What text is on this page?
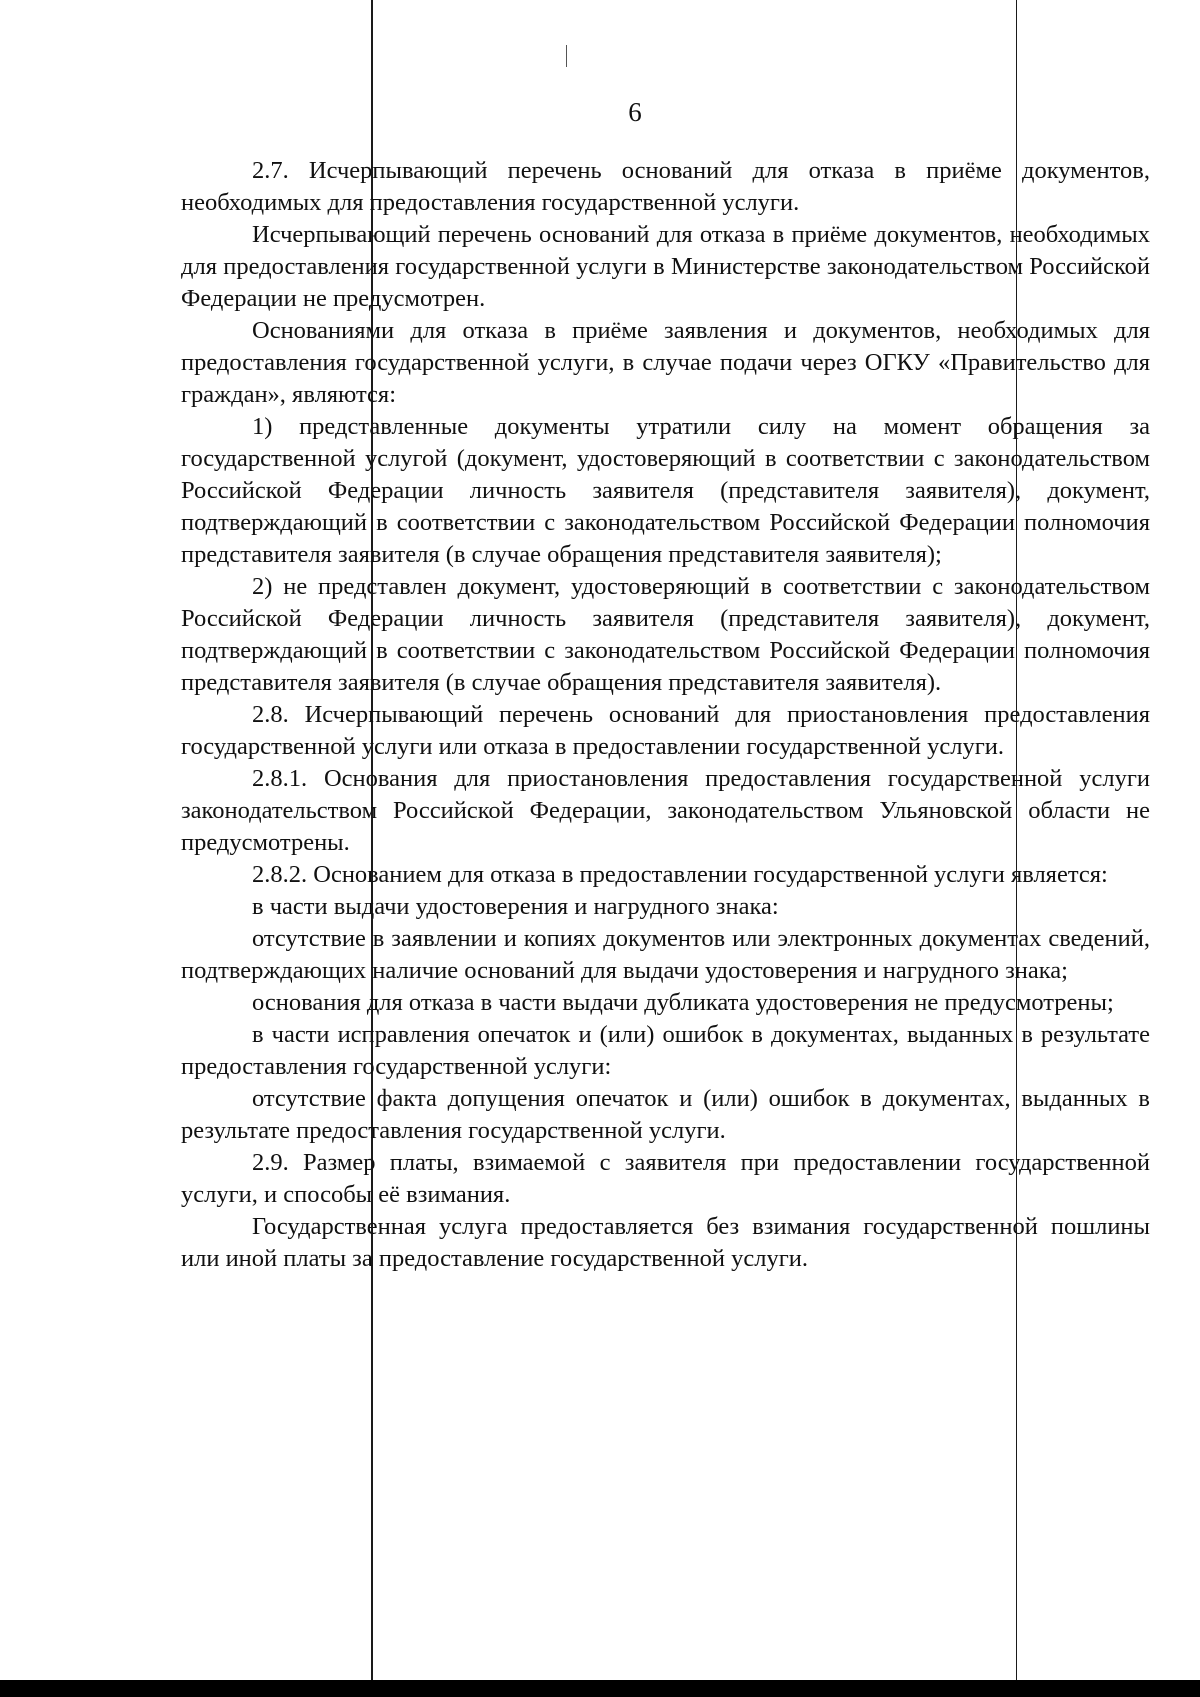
6

2.7. Исчерпывающий перечень оснований для отказа в приёме документов, необходимых для предоставления государственной услуги.

Исчерпывающий перечень оснований для отказа в приёме документов, необходимых для предоставления государственной услуги в Министерстве законодательством Российской Федерации не предусмотрен.

Основаниями для отказа в приёме заявления и документов, необходимых для предоставления государственной услуги, в случае подачи через ОГКУ «Правительство для граждан», являются:

1) представленные документы утратили силу на момент обращения за государственной услугой (документ, удостоверяющий в соответствии с законодательством Российской Федерации личность заявителя (представителя заявителя), документ, подтверждающий в соответствии с законодательством Российской Федерации полномочия представителя заявителя (в случае обращения представителя заявителя);

2) не представлен документ, удостоверяющий в соответствии с законодательством Российской Федерации личность заявителя (представителя заявителя), документ, подтверждающий в соответствии с законодательством Российской Федерации полномочия представителя заявителя (в случае обращения представителя заявителя).

2.8. Исчерпывающий перечень оснований для приостановления предоставления государственной услуги или отказа в предоставлении государственной услуги.

2.8.1. Основания для приостановления предоставления государственной услуги законодательством Российской Федерации, законодательством Ульяновской области не предусмотрены.

2.8.2. Основанием для отказа в предоставлении государственной услуги является:

в части выдачи удостоверения и нагрудного знака:

отсутствие в заявлении и копиях документов или электронных документах сведений, подтверждающих наличие оснований для выдачи удостоверения и нагрудного знака;

основания для отказа в части выдачи дубликата удостоверения не предусмотрены;

в части исправления опечаток и (или) ошибок в документах, выданных в результате предоставления государственной услуги:

отсутствие факта допущения опечаток и (или) ошибок в документах, выданных в результате предоставления государственной услуги.

2.9. Размер платы, взимаемой с заявителя при предоставлении государственной услуги, и способы её взимания.

Государственная услуга предоставляется без взимания государственной пошлины или иной платы за предоставление государственной услуги.
